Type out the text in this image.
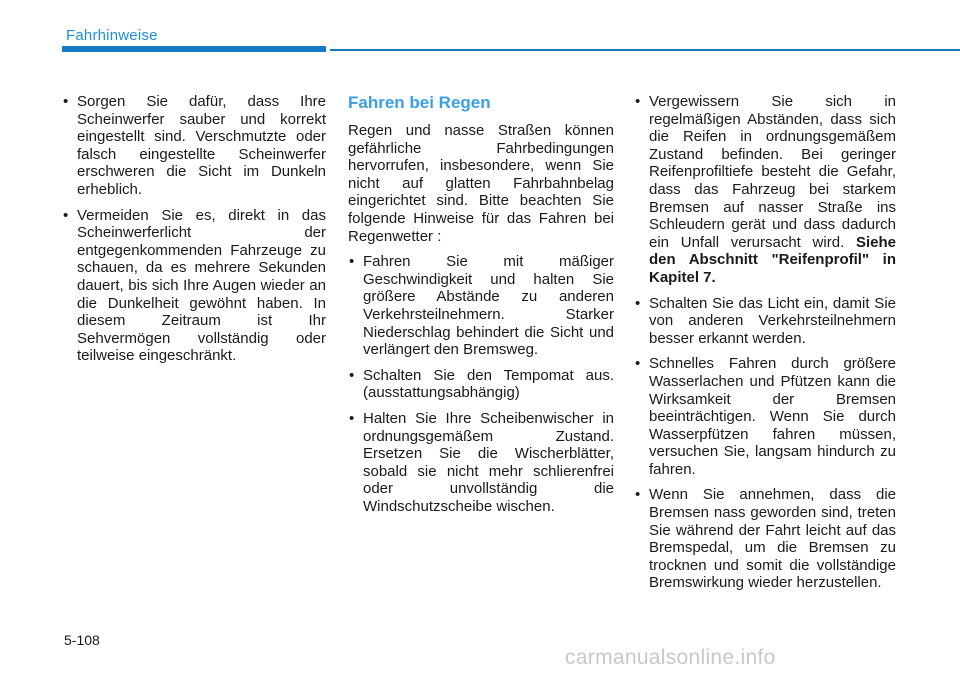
Fahrhinweise
• Sorgen Sie dafür, dass Ihre Scheinwerfer sauber und korrekt eingestellt sind. Verschmutzte oder falsch eingestellte Scheinwerfer erschweren die Sicht im Dunkeln erheblich.
• Vermeiden Sie es, direkt in das Scheinwerferlicht der entgegenkommenden Fahrzeuge zu schauen, da es mehrere Sekunden dauert, bis sich Ihre Augen wieder an die Dunkelheit gewöhnt haben. In diesem Zeitraum ist Ihr Sehvermögen vollständig oder teilweise eingeschränkt.
Fahren bei Regen

Regen und nasse Straßen können gefährliche Fahrbedingungen hervorrufen, insbesondere, wenn Sie nicht auf glatten Fahrbahnbelag eingerichtet sind. Bitte beachten Sie folgende Hinweise für das Fahren bei Regenwetter :

• Fahren Sie mit mäßiger Geschwindigkeit und halten Sie größere Abstände zu anderen Verkehrsteilnehmern. Starker Niederschlag behindert die Sicht und verlängert den Bremsweg.
• Schalten Sie den Tempomat aus. (ausstattungsabhängig)
• Halten Sie Ihre Scheibenwischer in ordnungsgemäßem Zustand. Ersetzen Sie die Wischerblätter, sobald sie nicht mehr schlierenfrei oder unvollständig die Windschutzscheibe wischen.
• Vergewissern Sie sich in regelmäßigen Abständen, dass sich die Reifen in ordnungsgemäßem Zustand befinden. Bei geringer Reifenprofiltiefe besteht die Gefahr, dass das Fahrzeug bei starkem Bremsen auf nasser Straße ins Schleudern gerät und dass dadurch ein Unfall verursacht wird. Siehe den Abschnitt "Reifenprofil" in Kapitel 7.
• Schalten Sie das Licht ein, damit Sie von anderen Verkehrsteilnehmern besser erkannt werden.
• Schnelles Fahren durch größere Wasserlachen und Pfützen kann die Wirksamkeit der Bremsen beeinträchtigen. Wenn Sie durch Wasserpfützen fahren müssen, versuchen Sie, langsam hindurch zu fahren.
• Wenn Sie annehmen, dass die Bremsen nass geworden sind, treten Sie während der Fahrt leicht auf das Bremspedal, um die Bremsen zu trocknen und somit die vollständige Bremswirkung wieder herzustellen.
5-108
carmanualsonline.info
